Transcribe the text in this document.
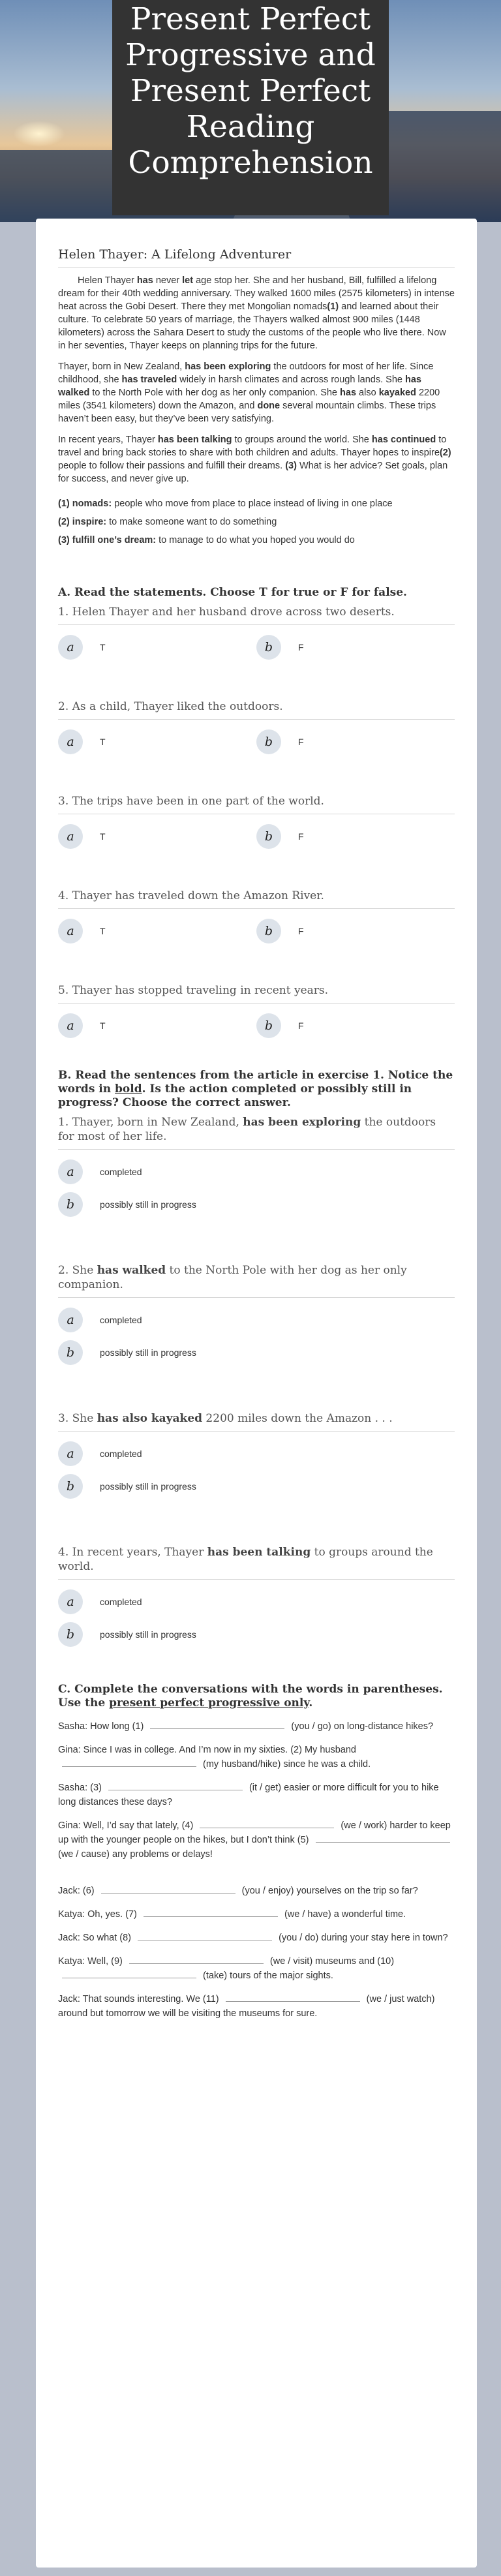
Present Perfect
Progressive and
Present Perfect
Reading
Comprehension
Helen Thayer: A Lifelong Adventurer

Helen Thayer has never let age stop her. She and her husband, Bill, fulfilled a lifelong dream for their 40th wedding anniversary. They walked 1600 miles (2575 kilometers) in intense heat across the Gobi Desert. There they met Mongolian nomads(1) and learned about their culture. To celebrate 50 years of marriage, the Thayers walked almost 900 miles (1448 kilometers) across the Sahara Desert to study the customs of the people who live there. Now in her seventies, Thayer keeps on planning trips for the future.

Thayer, born in New Zealand, has been exploring the outdoors for most of her life. Since childhood, she has traveled widely in harsh climates and across rough lands. She has walked to the North Pole with her dog as her only companion. She has also kayaked 2200 miles (3541 kilometers) down the Amazon, and done several mountain climbs. These trips haven’t been easy, but they’ve been very satisfying.

In recent years, Thayer has been talking to groups around the world. She has continued to travel and bring back stories to share with both children and adults. Thayer hopes to inspire(2) people to follow their passions and fulfill their dreams. (3) What is her advice? Set goals, plan for success, and never give up.

(1) nomads: people who move from place to place instead of living in one place

(2) inspire: to make someone want to do something

(3) fulfill one’s dream: to manage to do what you hoped you would do

A. Read the statements. Choose T for true or F for false.
1. Helen Thayer and her husband drove across two deserts.
a	T	b	F
2. As a child, Thayer liked the outdoors.
a	T	b	F
3. The trips have been in one part of the world.
a	T	b	F
4. Thayer has traveled down the Amazon River.
a	T	b	F
5. Thayer has stopped traveling in recent years.
a	T	b	F
B. Read the sentences from the article in exercise 1. Notice the words in bold. Is the action completed or possibly still in progress? Choose the correct answer.
1. Thayer, born in New Zealand, has been exploring the outdoors for most of her life.
a	completed
b	possibly still in progress
2. She has walked to the North Pole with her dog as her only companion.
a	completed
b	possibly still in progress
3. She has also kayaked 2200 miles down the Amazon . . .
a	completed
b	possibly still in progress
4. In recent years, Thayer has been talking to groups around the world.
a	completed
b	possibly still in progress
C. Complete the conversations with the words in parentheses. Use the present perfect progressive only.

Sasha: How long (1)	(you / go) on long-distance hikes?

Gina: Since I was in college. And I’m now in my sixties. (2) My husband  (my husband/hike) since he was a child.

Sasha: (3)	(it / get) easier or more difficult for you to hike long distances these days?

Gina: Well, I’d say that lately, (4)	(we / work) harder to keep up with the younger people on the hikes, but I don’t think (5)  (we / cause) any problems or delays!

Jack: (6)	(you / enjoy) yourselves on the trip so far?

Katya: Oh, yes. (7)	(we / have) a wonderful time.

Jack: So what (8)	(you / do) during your stay here in town?

Katya: Well, (9)	(we / visit) museums and (10)  (take) tours of the major sights.

Jack: That sounds interesting. We (11)	(we / just watch) around but tomorrow we will be visiting the museums for sure.
